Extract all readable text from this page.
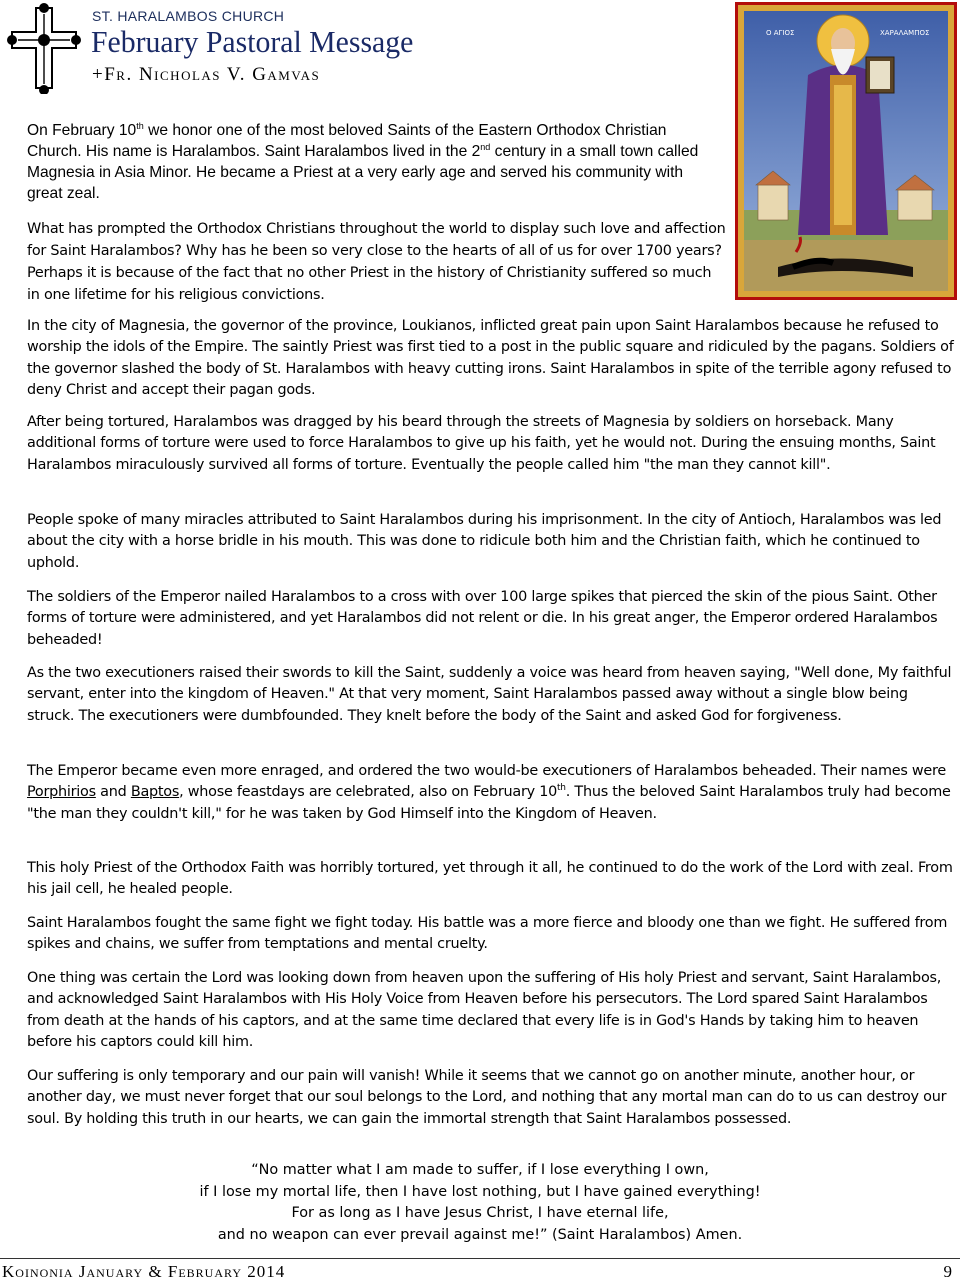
ST. HARALAMBOS CHURCH
February Pastoral Message
+Fr. Nicholas V. Gamvas
Ο ΑΓΙΟΣ	ΧΑΡΑΛΑΜΠΟΣ

On February 10th we honor one of the most beloved Saints of the Eastern Orthodox Christian Church. His name is Haralambos. Saint Haralambos lived in the 2nd century in a small town called Magnesia in Asia Minor. He became a Priest at a very early age and served his community with great zeal.

What has prompted the Orthodox Christians throughout the world to display such love and affection for Saint Haralambos? Why has he been so very close to the hearts of all of us for over 1700 years? Perhaps it is because of the fact that no other Priest in the history of Christianity suffered so much in one lifetime for his religious convictions.

In the city of Magnesia, the governor of the province, Loukianos, inflicted great pain upon Saint Haralambos because he refused to worship the idols of the Empire. The saintly Priest was first tied to a post in the public square and ridiculed by the pagans. Soldiers of the governor slashed the body of St. Haralambos with heavy cutting irons. Saint Haralambos in spite of the terrible agony refused to deny Christ and accept their pagan gods.

After being tortured, Haralambos was dragged by his beard through the streets of Magnesia by soldiers on horseback. Many additional forms of torture were used to force Haralambos to give up his faith, yet he would not. During the ensuing months, Saint Haralambos miraculously survived all forms of torture. Eventually the people called him "the man they cannot kill".

People spoke of many miracles attributed to Saint Haralambos during his imprisonment. In the city of Antioch, Haralambos was led about the city with a horse bridle in his mouth. This was done to ridicule both him and the Christian faith, which he continued to uphold.

The soldiers of the Emperor nailed Haralambos to a cross with over 100 large spikes that pierced the skin of the pious Saint. Other forms of torture were administered, and yet Haralambos did not relent or die. In his great anger, the Emperor ordered Haralambos beheaded!

As the two executioners raised their swords to kill the Saint, suddenly a voice was heard from heaven saying, "Well done, My faithful servant, enter into the kingdom of Heaven." At that very moment, Saint Haralambos passed away without a single blow being struck. The executioners were dumbfounded. They knelt before the body of the Saint and asked God for forgiveness.

The Emperor became even more enraged, and ordered the two would-be executioners of Haralambos beheaded. Their names were Porphirios and Baptos, whose feastdays are celebrated, also on February 10th. Thus the beloved Saint Haralambos truly had become "the man they couldn't kill," for he was taken by God Himself into the Kingdom of Heaven.

This holy Priest of the Orthodox Faith was horribly tortured, yet through it all, he continued to do the work of the Lord with zeal. From his jail cell, he healed people.

Saint Haralambos fought the same fight we fight today. His battle was a more fierce and bloody one than we fight. He suffered from spikes and chains, we suffer from temptations and mental cruelty.

One thing was certain the Lord was looking down from heaven upon the suffering of His holy Priest and servant, Saint Haralambos, and acknowledged Saint Haralambos with His Holy Voice from Heaven before his persecutors. The Lord spared Saint Haralambos from death at the hands of his captors, and at the same time declared that every life is in God's Hands by taking him to heaven before his captors could kill him.

Our suffering is only temporary and our pain will vanish! While it seems that we cannot go on another minute, another hour, or another day, we must never forget that our soul belongs to the Lord, and nothing that any mortal man can do to us can destroy our soul. By holding this truth in our hearts, we can gain the immortal strength that Saint Haralambos possessed.

“No matter what I am made to suffer, if I lose everything I own,
if I lose my mortal life, then I have lost nothing, but I have gained everything!
For as long as I have Jesus Christ, I have eternal life,
and no weapon can ever prevail against me!” (Saint Haralambos) Amen.
Koinonia January & February 2014	9
